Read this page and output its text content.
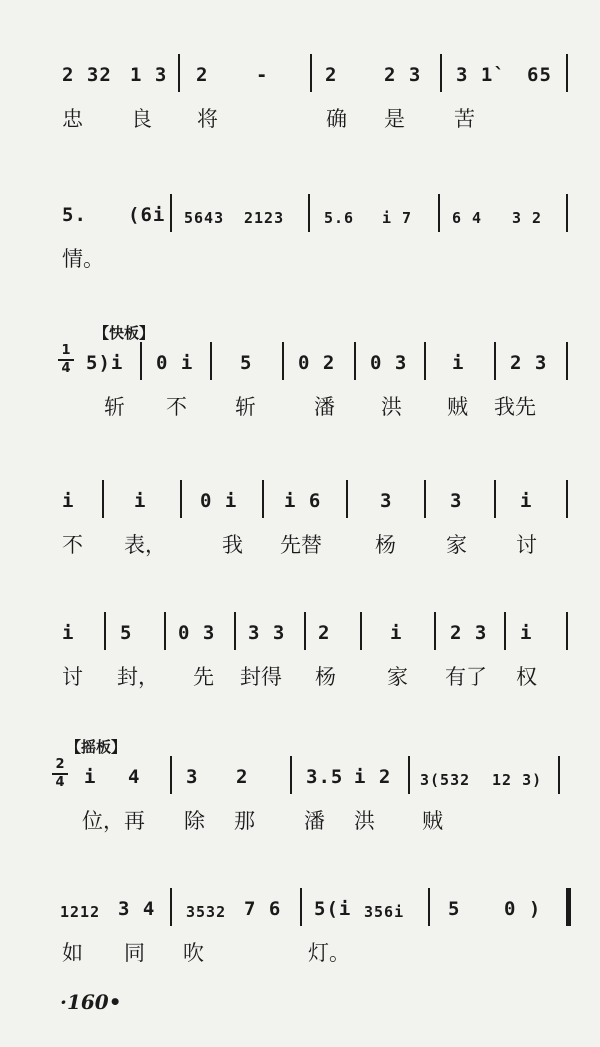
2 32 1 3 2	-	2 2 3 3 1` 65
忠 良 将	确 是 苦
5. (6i 5643 2123	5.6 i 7	6 4 3 2
情。
【快板】
1
4 5)i 0 i 5 0 2 0 3 i 2 3
斩 不 斩	潘 洪 贼 我先
i	i	0 i i 6	3	3	i
不 表，	我 先替	杨 家 讨
i 5 0 3 3 3 2	i	2 3 i
讨 封， 先 封得 杨 家 有了 权
【摇板】
2
4 i 4 3 2	3.5 i 2 3(532 12 3)
位，再 除 那 潘 洪 贼
1212 3 4 3532 7 6 5(i 356i 5 0 )
如 同 吹	灯。
·160•
